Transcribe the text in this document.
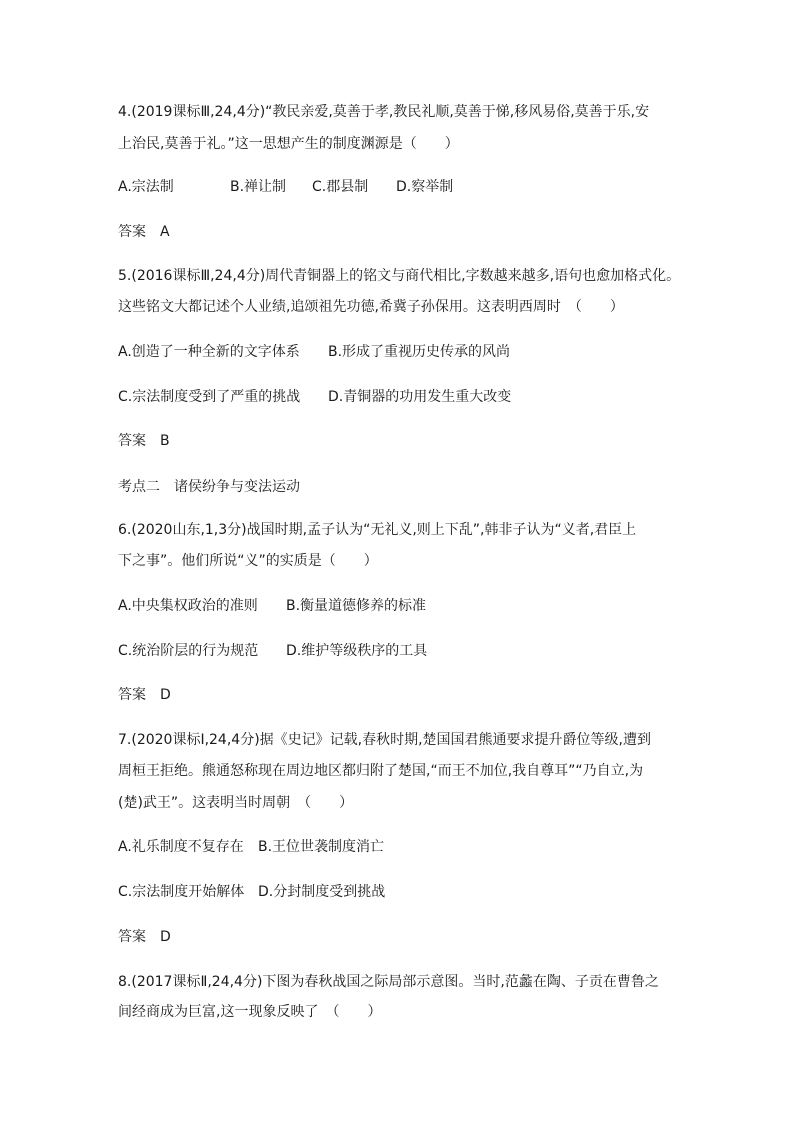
4.(2019课标Ⅲ,24,4分)“教民亲爱,莫善于孝,教民礼顺,莫善于悌,移风易俗,莫善于乐,安
上治民,莫善于礼。”这一思想产生的制度渊源是（　　）
A.宗法制	B.禅让制 C.郡县制 D.察举制
答案　A
5.(2016课标Ⅲ,24,4分)周代青铜器上的铭文与商代相比,字数越来越多,语句也愈加格式化。
这些铭文大都记述个人业绩,追颂祖先功德,希冀子孙保用。这表明西周时　（　　）
A.创造了一种全新的文字体系 B.形成了重视历史传承的风尚
C.宗法制度受到了严重的挑战 D.青铜器的功用发生重大改变
答案　B
考点二　诸侯纷争与变法运动
6.(2020山东,1,3分)战国时期,孟子认为“无礼义,则上下乱”,韩非子认为“义者,君臣上
下之事”。他们所说“义”的实质是（　　）
A.中央集权政治的准则 B.衡量道德修养的标准
C.统治阶层的行为规范 D.维护等级秩序的工具
答案　D
7.(2020课标Ⅰ,24,4分)据《史记》记载,春秋时期,楚国国君熊通要求提升爵位等级,遭到
周桓王拒绝。熊通怒称现在周边地区都归附了楚国,“而王不加位,我自尊耳”“乃自立,为
(楚)武王”。这表明当时周朝　（　　）
A.礼乐制度不复存在 B.王位世袭制度消亡
C.宗法制度开始解体 D.分封制度受到挑战
答案　D
8.(2017课标Ⅱ,24,4分)下图为春秋战国之际局部示意图。当时,范蠡在陶、子贡在曹鲁之
间经商成为巨富,这一现象反映了　（　　）
